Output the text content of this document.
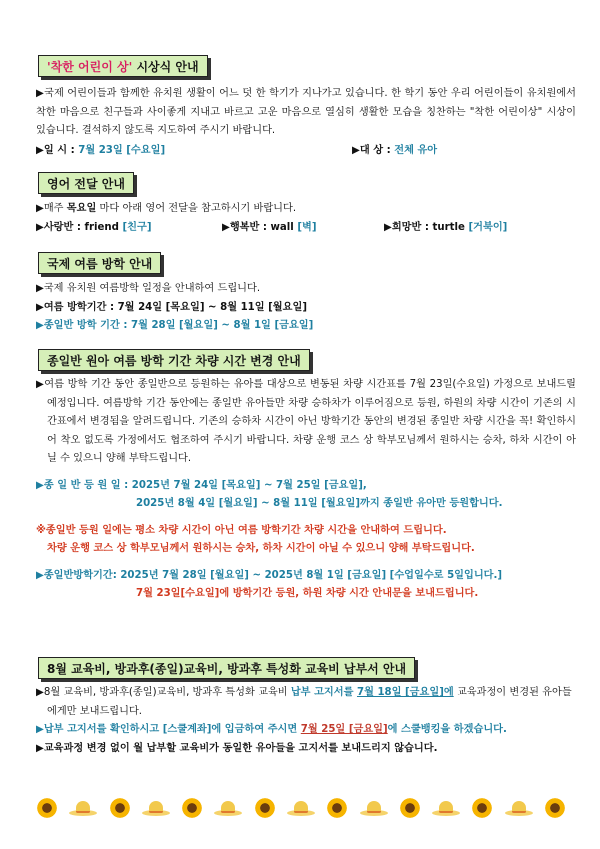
'착한 어린이 상' 시상식 안내

▶국제 어린이들과 함께한 유치원 생활이 어느 덧 한 학기가 지나가고 있습니다. 한 학기 동안 우리 어린이들이 유치원에서 착한 마음으로 친구들과 사이좋게 지내고 바르고 고운 마음으로 열심히 생활한 모습을 칭찬하는 "착한 어린이상" 시상이 있습니다. 결석하지 않도록 지도하여 주시기 바랍니다.

▶일 시 : 7월 23일 [수요일]	▶대 상 : 전체 유아
영어 전달 안내

▶매주 목요일 마다 아래 영어 전달을 참고하시기 바랍니다.

▶사랑반 : friend [친구]	▶행복반 : wall [벽]	▶희망반 : turtle [거북이]
국제 여름 방학 안내

▶국제 유치원 여름방학 일정을 안내하여 드립니다.

▶여름 방학기간 : 7월 24일 [목요일] ~ 8월 11일 [월요일]

▶종일반 방학 기간 : 7월 28일 [월요일] ~ 8월 1일 [금요일]

종일반 원아 여름 방학 기간 차량 시간 변경 안내

▶여름 방학 기간 동안 종일반으로 등원하는 유아를 대상으로 변동된 차량 시간표를 7월 23일(수요일) 가정으로 보내드릴 예정입니다. 여름방학 기간 동안에는 종일반 유아들만 차량 승하차가 이루어짐으로 등원, 하원의 차량 시간이 기존의 시간표에서 변경됨을 알려드립니다. 기존의 승하차 시간이 아닌 방학기간 동안의 변경된 종일반 차량 시간을 꼭! 확인하시어 착오 없도록 가정에서도 협조하여 주시기 바랍니다. 차량 운행 코스 상 학부모님께서 원하시는 승차, 하차 시간이 아닐 수 있으니 양해 부탁드립니다.

▶종 일 반 등 원 일 : 2025년 7월 24일 [목요일] ~ 7월 25일 [금요일],

2025년 8월 4일 [월요일] ~ 8월 11일 [월요일]까지 종일반 유아만 등원합니다.

※종일반 등원 일에는 평소 차량 시간이 아닌 여름 방학기간 차량 시간을 안내하여 드립니다.

차량 운행 코스 상 학부모님께서 원하시는 승차, 하차 시간이 아닐 수 있으니 양해 부탁드립니다.

▶종일반방학기간: 2025년 7월 28일 [월요일] ~ 2025년 8월 1일 [금요일] [수업일수로 5일입니다.]

7월 23일[수요일]에 방학기간 등원, 하원 차량 시간 안내문을 보내드립니다.

8월 교육비, 방과후(종일)교육비, 방과후 특성화 교육비 납부서 안내

▶8월 교육비, 방과후(종일)교육비, 방과후 특성화 교육비 납부 고지서를 7월 18일 [금요일]에 교육과정이 변경된 유아들에게만 보내드립니다.

▶납부 고지서를 확인하시고 [스쿨계좌]에 입금하여 주시면 7월 25일 [금요일]에 스쿨뱅킹을 하겠습니다.

▶교육과정 변경 없이 월 납부할 교육비가 동일한 유아들을 고지서를 보내드리지 않습니다.
